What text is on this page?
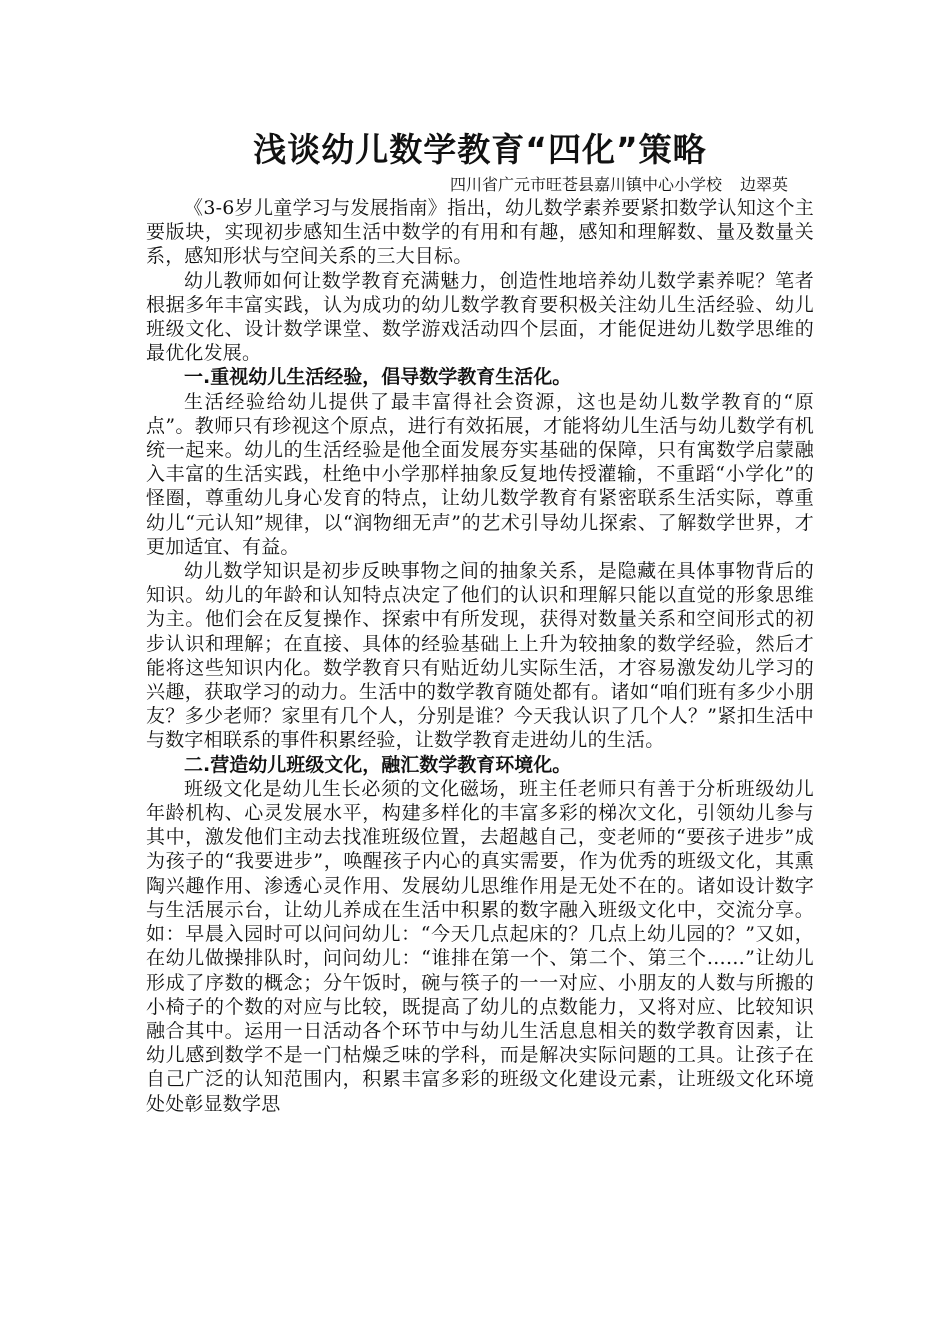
浅谈幼儿数学教育“四化”策略
四川省广元市旺苍县嘉川镇中心小学校 边翠英

《3-6岁儿童学习与发展指南》指出，幼儿数学素养要紧扣数学认知这个主要版块，实现初步感知生活中数学的有用和有趣，感知和理解数、量及数量关系，感知形状与空间关系的三大目标。

幼儿教师如何让数学教育充满魅力，创造性地培养幼儿数学素养呢？笔者根据多年丰富实践，认为成功的幼儿数学教育要积极关注幼儿生活经验、幼儿班级文化、设计数学课堂、数学游戏活动四个层面，才能促进幼儿数学思维的最优化发展。

一.重视幼儿生活经验，倡导数学教育生活化。

生活经验给幼儿提供了最丰富得社会资源，这也是幼儿数学教育的“原点”。教师只有珍视这个原点，进行有效拓展，才能将幼儿生活与幼儿数学有机统一起来。幼儿的生活经验是他全面发展夯实基础的保障，只有寓数学启蒙融入丰富的生活实践，杜绝中小学那样抽象反复地传授灌输，不重蹈“小学化”的怪圈，尊重幼儿身心发育的特点，让幼儿数学教育有紧密联系生活实际，尊重幼儿“元认知”规律，以“润物细无声”的艺术引导幼儿探索、了解数学世界，才更加适宜、有益。

幼儿数学知识是初步反映事物之间的抽象关系，是隐藏在具体事物背后的知识。幼儿的年龄和认知特点决定了他们的认识和理解只能以直觉的形象思维为主。他们会在反复操作、探索中有所发现，获得对数量关系和空间形式的初步认识和理解；在直接、具体的经验基础上上升为较抽象的数学经验，然后才能将这些知识内化。数学教育只有贴近幼儿实际生活，才容易激发幼儿学习的兴趣，获取学习的动力。生活中的数学教育随处都有。诸如“咱们班有多少小朋友？多少老师？家里有几个人，分别是谁？今天我认识了几个人？”紧扣生活中与数字相联系的事件积累经验，让数学教育走进幼儿的生活。

二.营造幼儿班级文化，融汇数学教育环境化。

班级文化是幼儿生长必须的文化磁场，班主任老师只有善于分析班级幼儿年龄机构、心灵发展水平，构建多样化的丰富多彩的梯次文化，引领幼儿参与其中，激发他们主动去找准班级位置，去超越自己，变老师的“要孩子进步”成为孩子的“我要进步”，唤醒孩子内心的真实需要，作为优秀的班级文化，其熏陶兴趣作用、渗透心灵作用、发展幼儿思维作用是无处不在的。诸如设计数字与生活展示台，让幼儿养成在生活中积累的数字融入班级文化中，交流分享。如：早晨入园时可以问问幼儿：“今天几点起床的？几点上幼儿园的？”又如，在幼儿做操排队时，问问幼儿：“谁排在第一个、第二个、第三个……”让幼儿形成了序数的概念；分午饭时，碗与筷子的一一对应、小朋友的人数与所搬的小椅子的个数的对应与比较，既提高了幼儿的点数能力，又将对应、比较知识融合其中。运用一日活动各个环节中与幼儿生活息息相关的数学教育因素，让幼儿感到数学不是一门枯燥乏味的学科，而是解决实际问题的工具。让孩子在自己广泛的认知范围内，积累丰富多彩的班级文化建设元素，让班级文化环境处处彰显数学思
